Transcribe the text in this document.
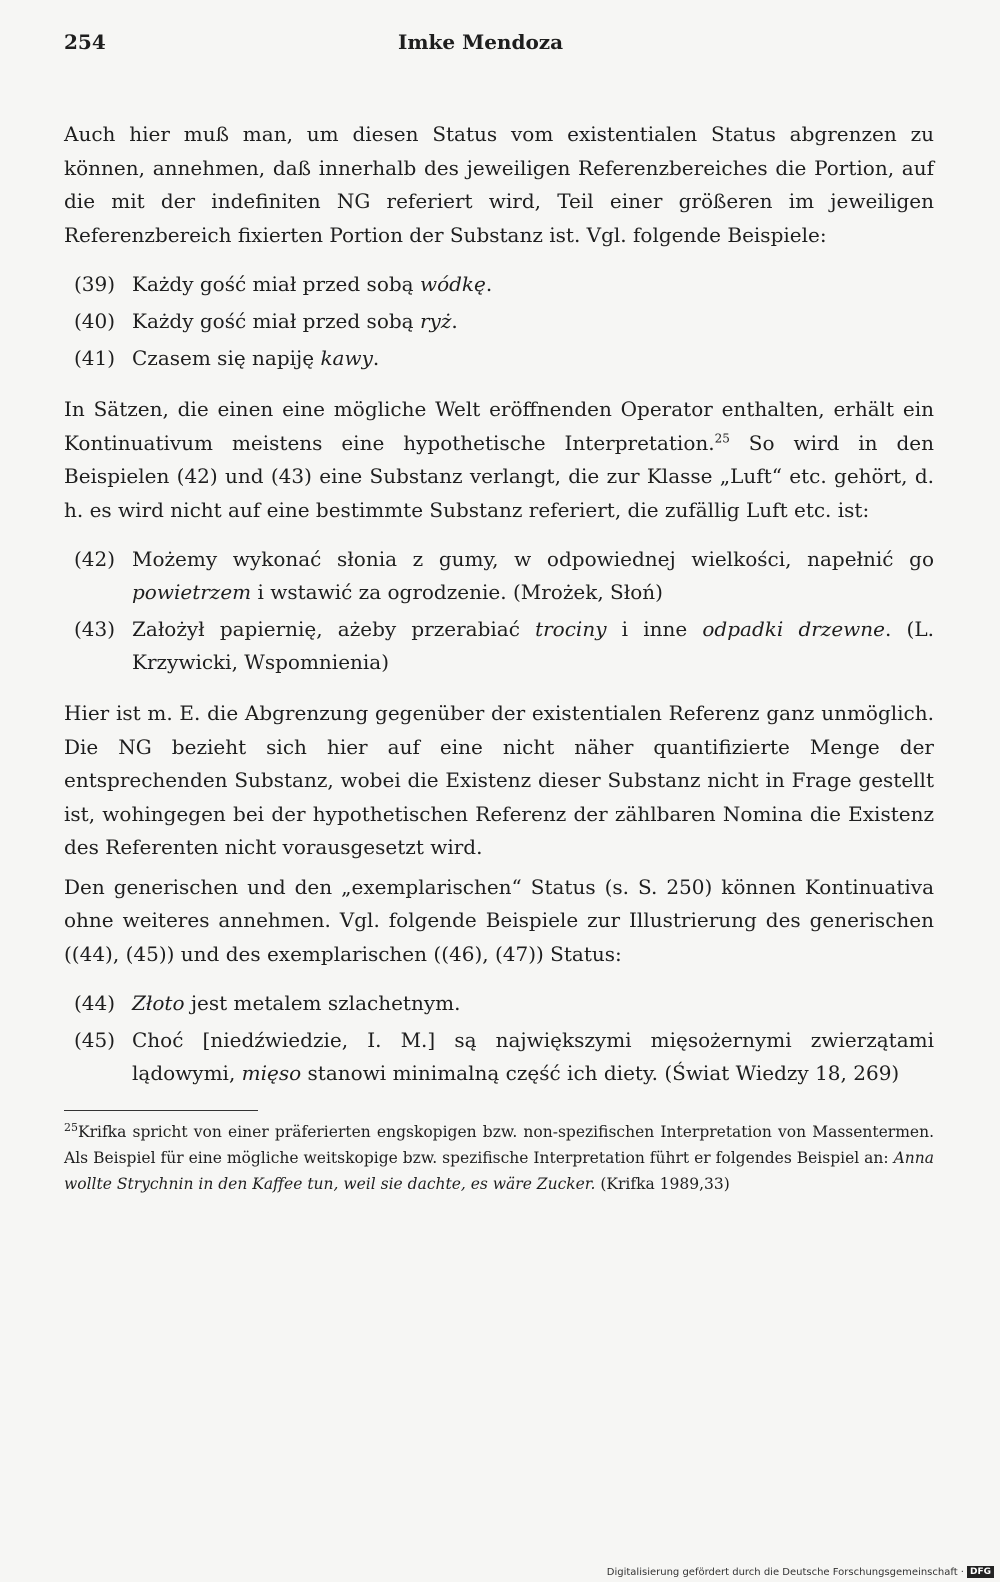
254	Imke Mendoza

Auch hier muß man, um diesen Status vom existentialen Status abgrenzen zu können, annehmen, daß innerhalb des jeweiligen Referenzbereiches die Portion, auf die mit der indefiniten NG referiert wird, Teil einer größeren im jeweiligen Referenzbereich fixierten Portion der Substanz ist. Vgl. folgende Beispiele:

(39) Każdy gość miał przed sobą wódkę.
(40) Każdy gość miał przed sobą ryż.
(41) Czasem się napiję kawy.

In Sätzen, die einen eine mögliche Welt eröffnenden Operator enthalten, erhält ein Kontinuativum meistens eine hypothetische Interpretation.$^{25}$ So wird in den Beispielen (42) und (43) eine Substanz verlangt, die zur Klasse „Luft“ etc. gehört, d. h. es wird nicht auf eine bestimmte Substanz referiert, die zufällig Luft etc. ist:

(42) Możemy wykonać słonia z gumy, w odpowiednej wielkości, napełnić go powietrzem i wstawić za ogrodzenie. (Mrożek, Słoń)
(43) Założył papiernię, ażeby przerabiać trociny i inne odpadki drzewne. (L. Krzywicki, Wspomnienia)

Hier ist m. E. die Abgrenzung gegenüber der existentialen Referenz ganz unmöglich. Die NG bezieht sich hier auf eine nicht näher quantifizierte Menge der entsprechenden Substanz, wobei die Existenz dieser Substanz nicht in Frage gestellt ist, wohingegen bei der hypothetischen Referenz der zählbaren Nomina die Existenz des Referenten nicht vorausgesetzt wird.

Den generischen und den „exemplarischen“ Status (s. S. 250) können Kontinuativa ohne weiteres annehmen. Vgl. folgende Beispiele zur Illustrierung des generischen ((44), (45)) und des exemplarischen ((46), (47)) Status:

(44) Złoto jest metalem szlachetnym.
(45) Choć [niedźwiedzie, I. M.] są największymi mięsożernymi zwierzątami lądowymi, mięso stanowi minimalną część ich diety. (Świat Wiedzy 18, 269)

$^{25}$Krifka spricht von einer präferierten engskopigen bzw. non-spezifischen Interpretation von Massentermen. Als Beispiel für eine mögliche weitskopige bzw. spezifische Interpretation führt er folgendes Beispiel an: Anna wollte Strychnin in den Kaffee tun, weil sie dachte, es wäre Zucker. (Krifka 1989,33)

Digitalisierung gefördert durch die Deutsche Forschungsgemeinschaft · DFG
